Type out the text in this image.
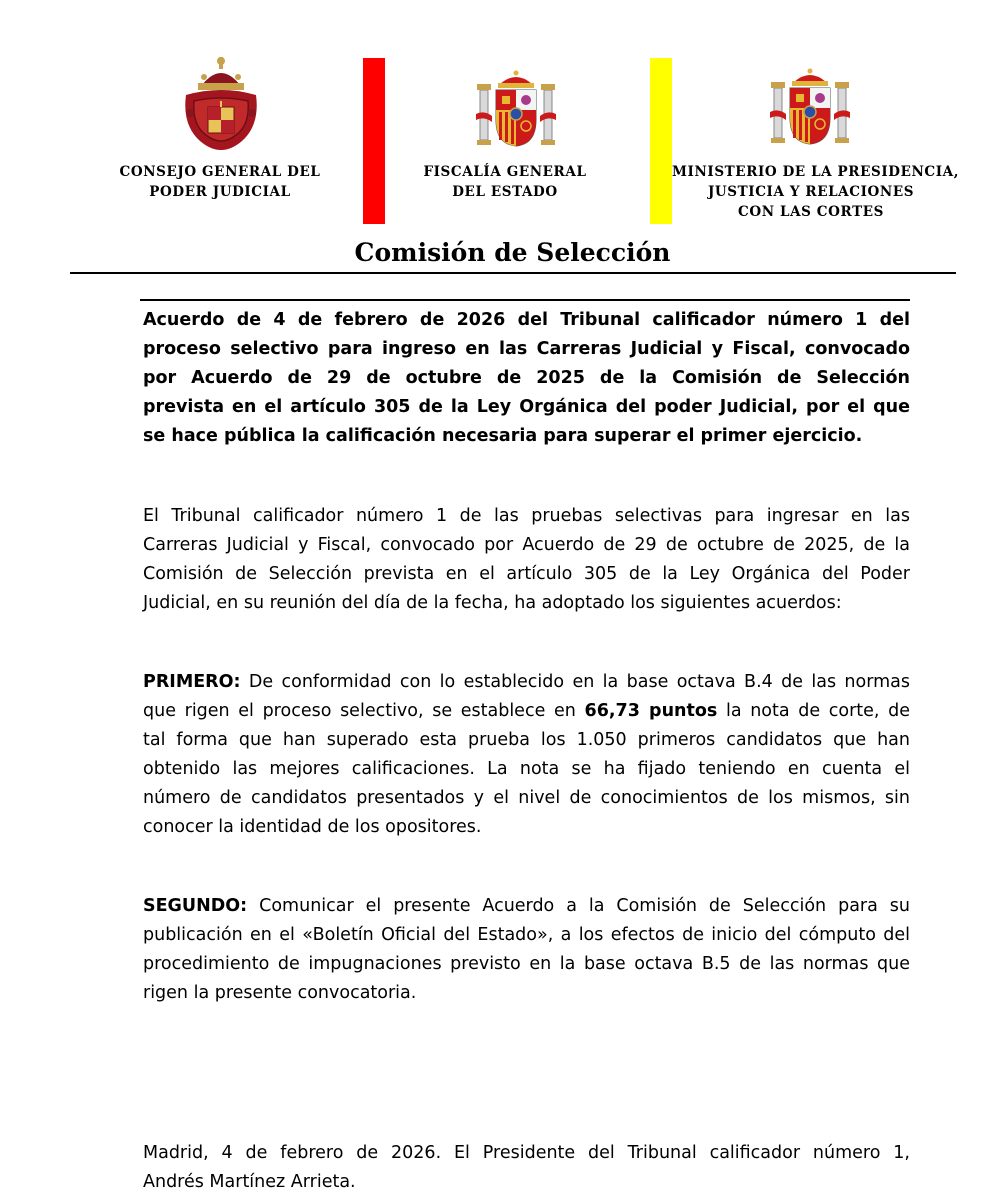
CONSEJO GENERAL DEL
PODER JUDICIAL
FISCALÍA GENERAL
DEL ESTADO
MINISTERIO DE LA PRESIDENCIA,
JUSTICIA Y RELACIONES
CON LAS CORTES
Comisión de Selección
Acuerdo de 4 de febrero de 2026 del Tribunal calificador número 1 del
proceso selectivo para ingreso en las Carreras Judicial y Fiscal, convocado
por Acuerdo de 29 de octubre de 2025 de la Comisión de Selección
prevista en el artículo 305 de la Ley Orgánica del poder Judicial, por el que
se hace pública la calificación necesaria para superar el primer ejercicio.
El Tribunal calificador número 1 de las pruebas selectivas para ingresar en las
Carreras Judicial y Fiscal, convocado por Acuerdo de 29 de octubre de 2025, de la
Comisión de Selección prevista en el artículo 305 de la Ley Orgánica del Poder
Judicial, en su reunión del día de la fecha, ha adoptado los siguientes acuerdos:
PRIMERO: De conformidad con lo establecido en la base octava B.4 de las normas
que rigen el proceso selectivo, se establece en 66,73 puntos la nota de corte, de
tal forma que han superado esta prueba los 1.050 primeros candidatos que han
obtenido las mejores calificaciones. La nota se ha fijado teniendo en cuenta el
número de candidatos presentados y el nivel de conocimientos de los mismos, sin
conocer la identidad de los opositores.
SEGUNDO: Comunicar el presente Acuerdo a la Comisión de Selección para su
publicación en el «Boletín Oficial del Estado», a los efectos de inicio del cómputo del
procedimiento de impugnaciones previsto en la base octava B.5 de las normas que
rigen la presente convocatoria.
Madrid, 4 de febrero de 2026. El Presidente del Tribunal calificador número 1,
Andrés Martínez Arrieta.
